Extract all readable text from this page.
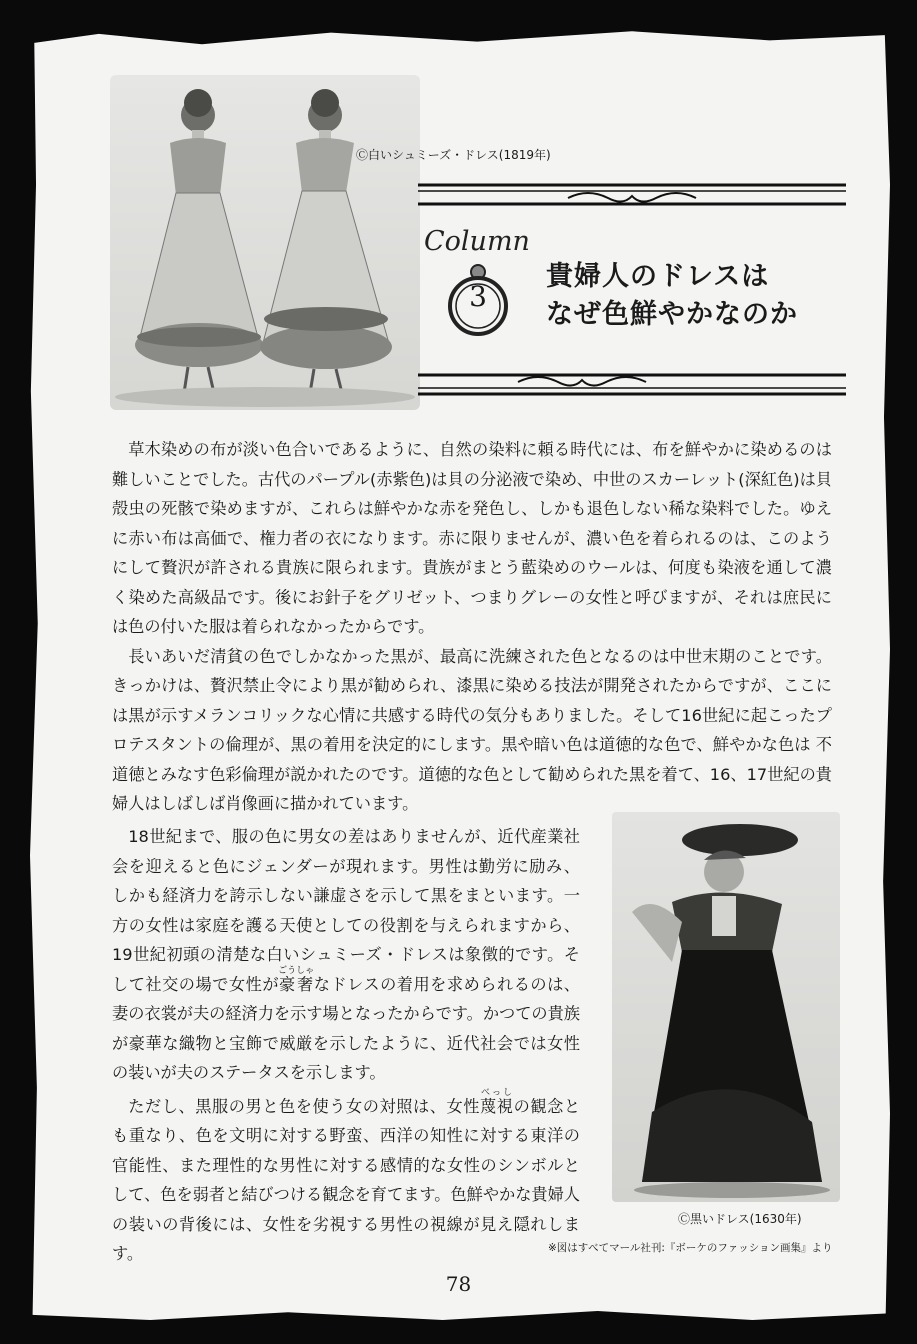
Ⓒ白いシュミーズ・ドレス(1819年)
Column
3
貴婦人のドレスは
なぜ色鮮やかなのか

草木染めの布が淡い色合いであるように、自然の染料に頼る時代には、布を鮮やかに染めるのは難しいことでした。古代のパープル(赤紫色)は貝の分泌液で染め、中世のスカーレット(深紅色)は貝殻虫の死骸で染めますが、これらは鮮やかな赤を発色し、しかも退色しない稀な染料でした。ゆえに赤い布は高価で、権力者の衣になります。赤に限りませんが、濃い色を着られるのは、このようにして贅沢が許される貴族に限られます。貴族がまとう藍染めのウールは、何度も染液を通して濃く染めた高級品です。後にお針子をグリゼット、つまりグレーの女性と呼びますが、それは庶民には色の付いた服は着られなかったからです。

長いあいだ清貧の色でしかなかった黒が、最高に洗練された色となるのは中世末期のことです。きっかけは、贅沢禁止令により黒が勧められ、漆黒に染める技法が開発されたからですが、ここには黒が示すメランコリックな心情に共感する時代の気分もありました。そして16世紀に起こったプロテスタントの倫理が、黒の着用を決定的にします。黒や暗い色は道徳的な色で、鮮やかな色は 不道徳とみなす色彩倫理が説かれたのです。道徳的な色として勧められた黒を着て、16、17世紀の貴婦人はしばしば肖像画に描かれています。

18世紀まで、服の色に男女の差はありませんが、近代産業社会を迎えると色にジェンダーが現れます。男性は勤労に励み、しかも経済力を誇示しない謙虚さを示して黒をまといます。一方の女性は家庭を護る天使としての役割を与えられますから、19世紀初頭の清楚な白いシュミーズ・ドレスは象徴的です。そして社交の場で女性が豪奢ごうしゃなドレスの着用を求められるのは、妻の衣裳が夫の経済力を示す場となったからです。かつての貴族が豪華な織物と宝飾で威厳を示したように、近代社会では女性の装いが夫のステータスを示します。

ただし、黒服の男と色を使う女の対照は、女性蔑視べっしの観念とも重なり、色を文明に対する野蛮、西洋の知性に対する東洋の官能性、また理性的な男性に対する感情的な女性のシンボルとして、色を弱者と結びつける観念を育てます。色鮮やかな貴婦人の装いの背後には、女性を劣視する男性の視線が見え隠れします。

Ⓒ黒いドレス(1630年)
※図はすべてマール社刊:『ボーケのファッション画集』より
78
